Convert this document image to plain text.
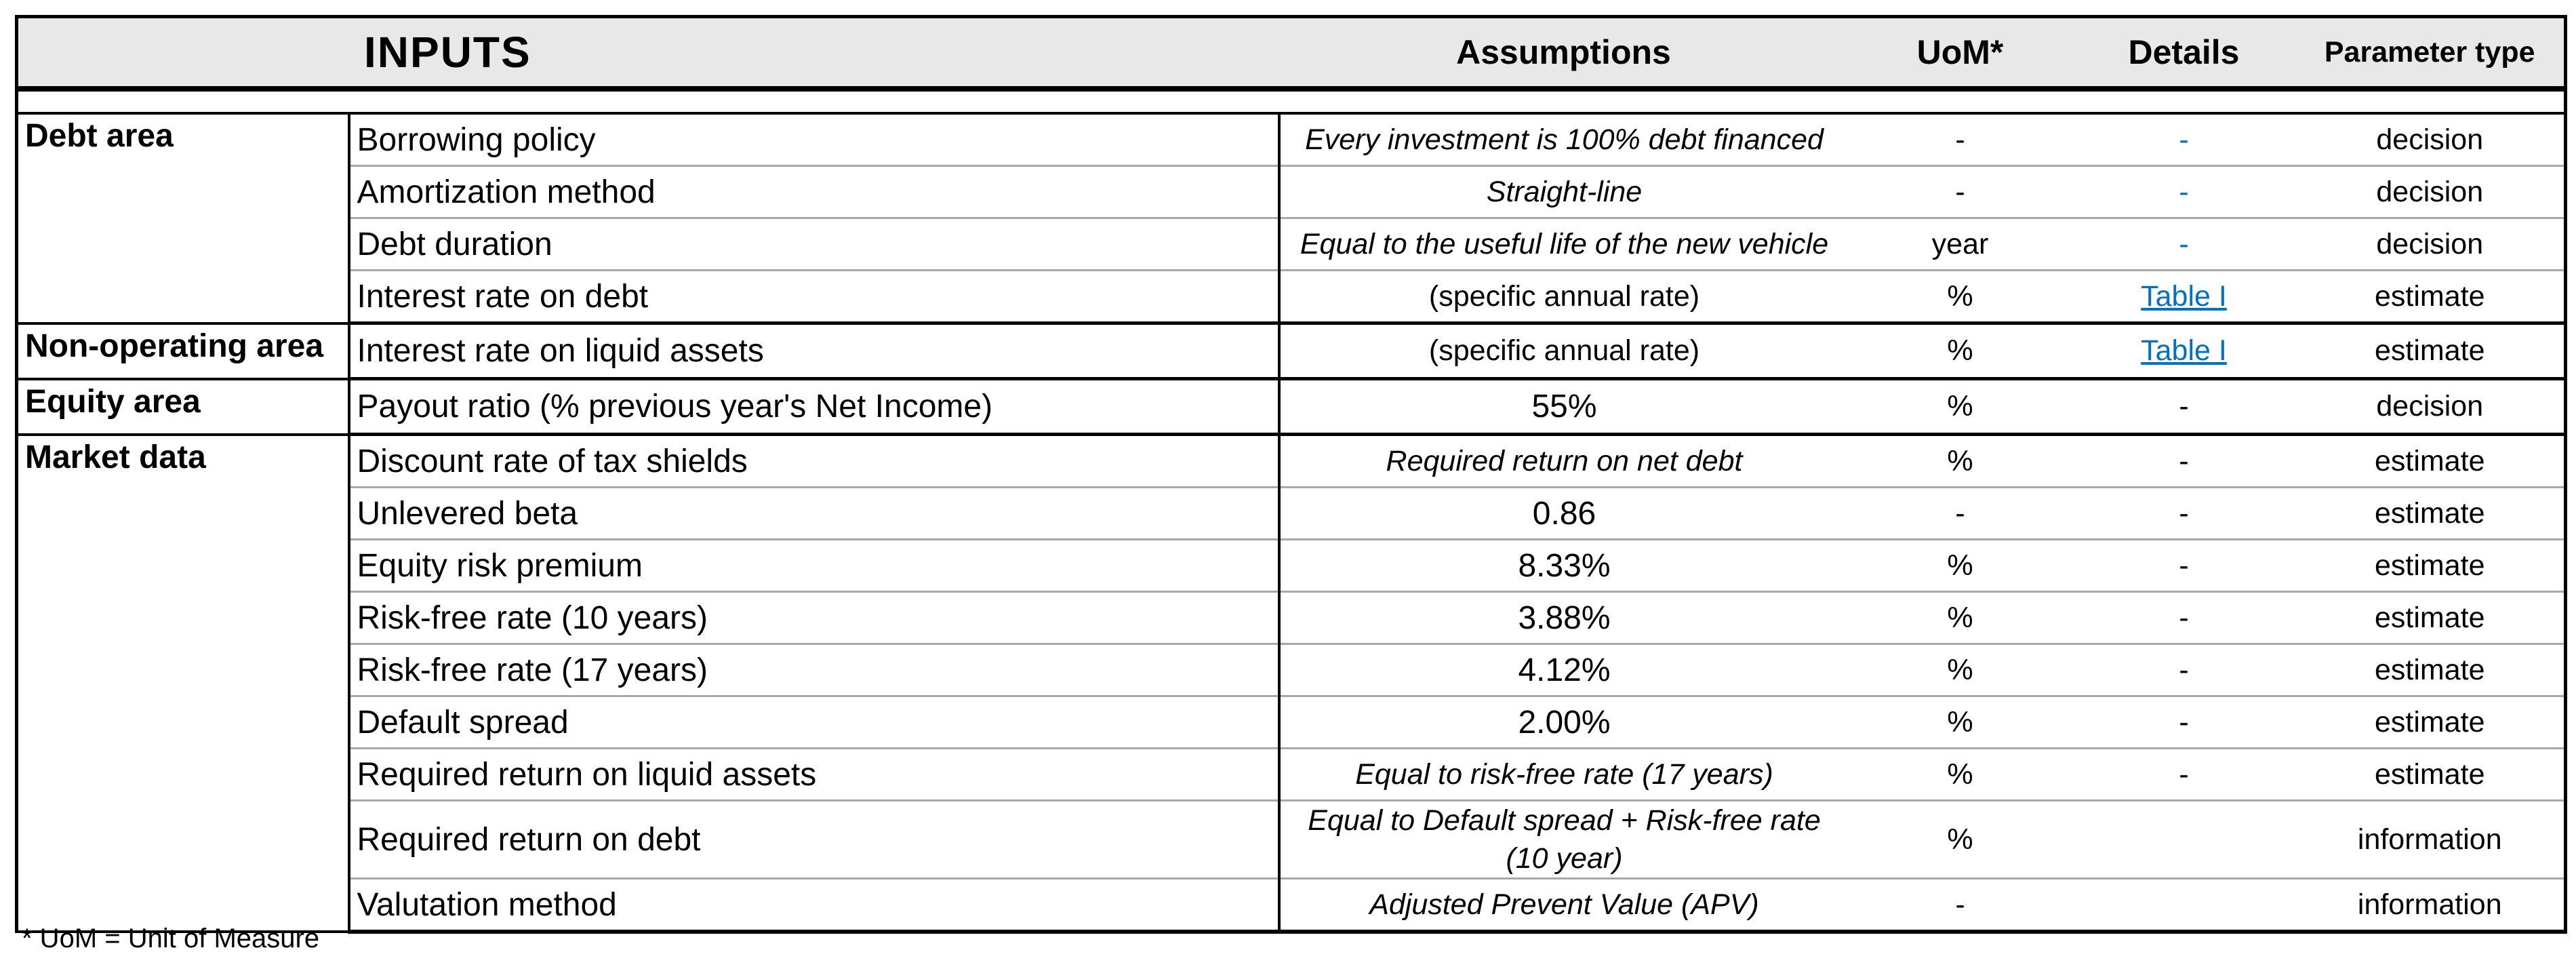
INPUTS		Assumptions	UoM*	Details	Parameter type

Debt area	Borrowing policy	Every investment is 100% debt financed	-	-	decision
	Amortization method	Straight-line	-	-	decision
	Debt duration	Equal to the useful life of the new vehicle	year	-	decision
	Interest rate on debt	(specific annual rate)	%	Table I	estimate
Non-operating area	Interest rate on liquid assets	(specific annual rate)	%	Table I	estimate
Equity area	Payout ratio (% previous year's Net Income)	55%	%	-	decision
Market data	Discount rate of tax shields	Required return on net debt	%	-	estimate
	Unlevered beta	0.86	-	-	estimate
	Equity risk premium	8.33%	%	-	estimate
	Risk-free rate (10 years)	3.88%	%	-	estimate
	Risk-free rate (17 years)	4.12%	%	-	estimate
	Default spread	2.00%	%	-	estimate
	Required return on liquid assets	Equal to risk-free rate (17 years)	%	-	estimate
	Required return on debt	Equal to Default spread + Risk-free rate (10 year)	%		information
	Valutation method	Adjusted Prevent Value (APV)	-		information
* UoM = Unit of Measure
